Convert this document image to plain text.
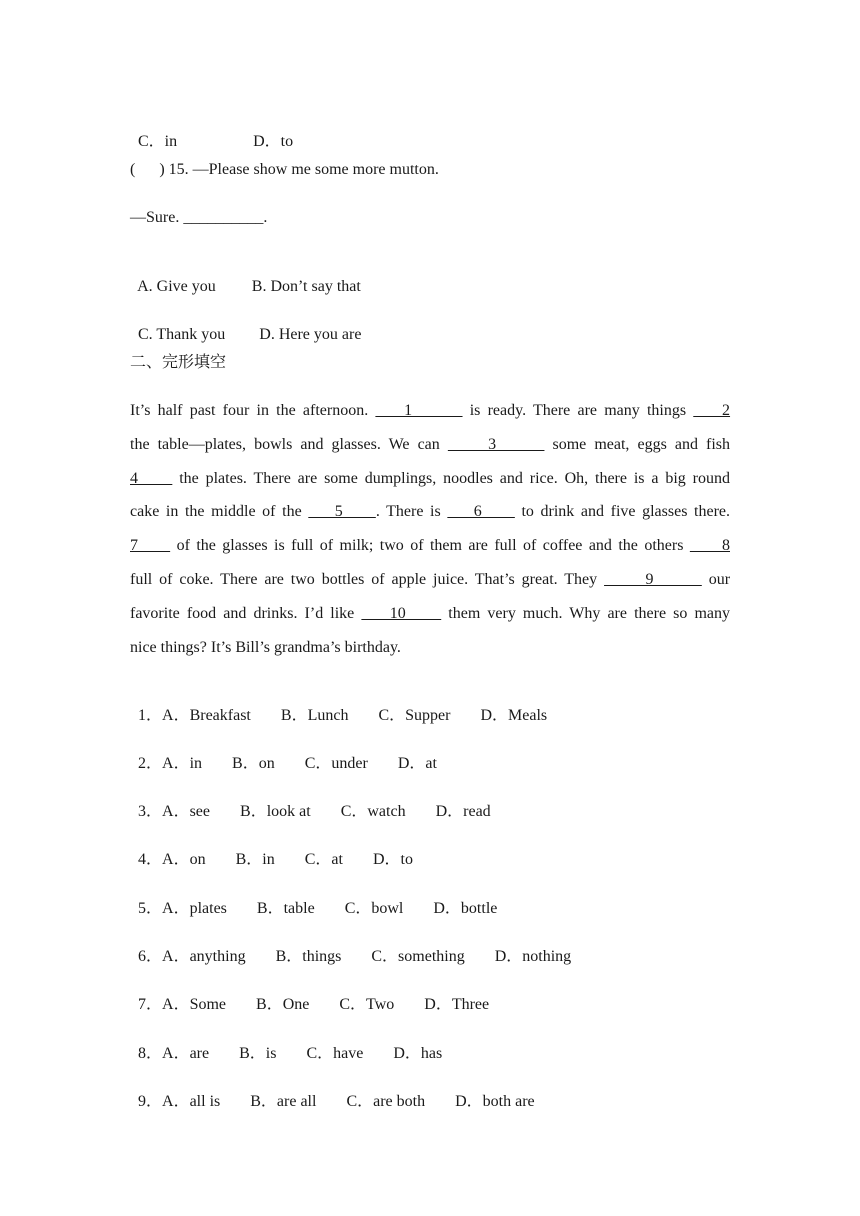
C．in	D．to

(      ) 15. —Please show me some more mutton.
—Sure. __________.

A. Give you B. Don’t say that

C. Thank you D. Here you are

二、完形填空
It’s half past four in the afternoon.     1        is ready. There are many things     2
the table—plates, bowls and glasses. We can      3       some meat, eggs and fish
4      the plates. There are some dumplings, noodles and rice. Oh, there is a big round
cake in the middle of the     5     . There is     6      to drink and five glasses there.
7      of the glasses is full of milk; two of them are full of coffee and the others      8
full of coke. There are two bottles of apple juice. That’s great. They       9        our
favorite food and drinks. I’d like     10      them very much. Why are there so many
nice things? It’s Bill’s grandma’s birthday.

1．A．Breakfast B．Lunch C．Supper D．Meals

2．A．in B．on C．under D．at

3．A．see B．look at C．watch D．read

4．A．on B．in C．at D．to

5．A．plates B．table C．bowl D．bottle

6．A．anything B．things C．something D．nothing

7．A．Some B．One C．Two D．Three

8．A．are B．is C．have D．has

9．A．all is B．are all C．are both D．both are
